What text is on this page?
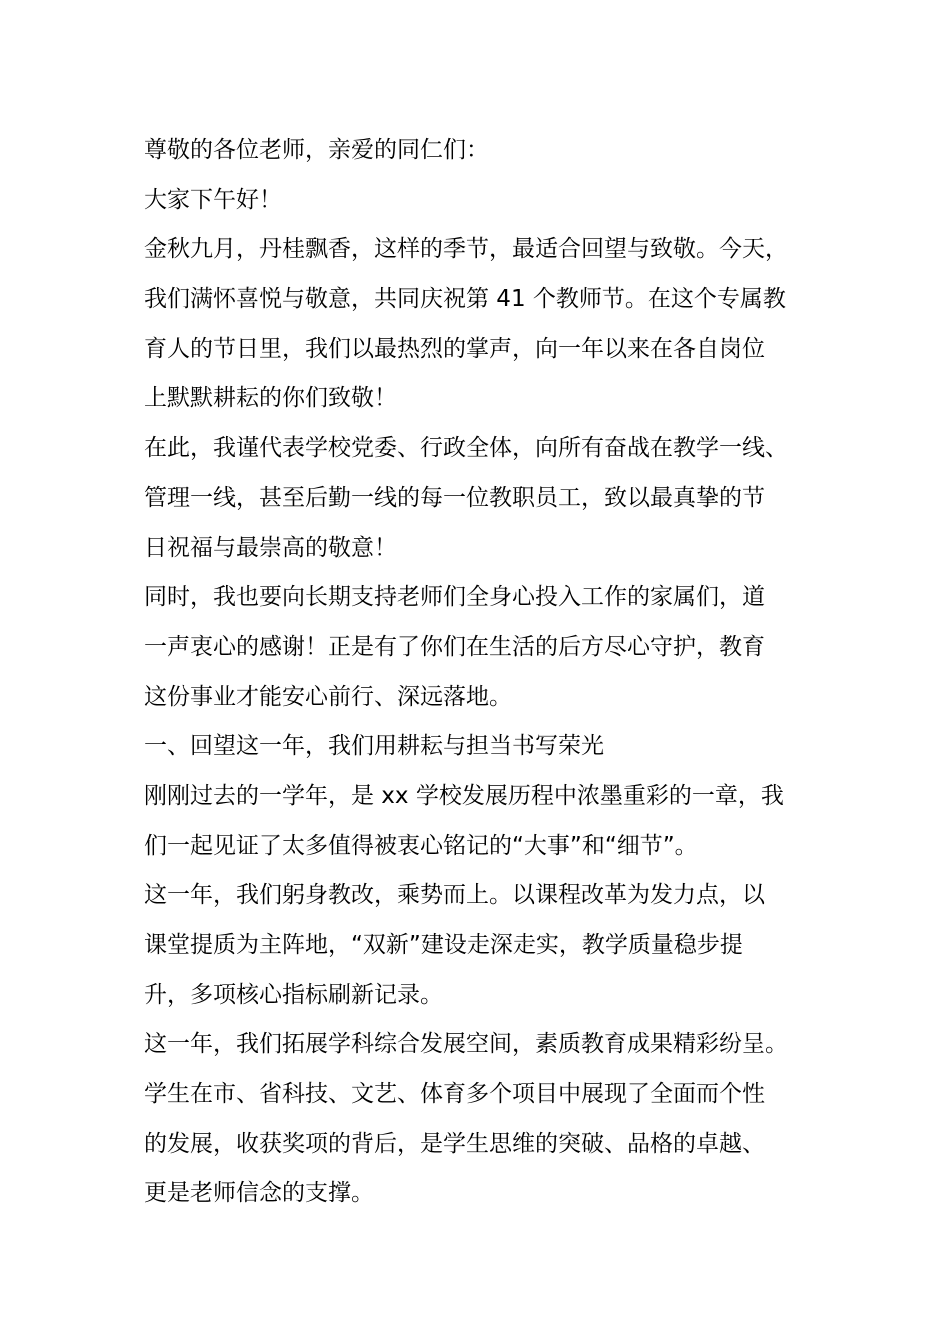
尊敬的各位老师，亲爱的同仁们：
大家下午好！
金秋九月，丹桂飘香，这样的季节，最适合回望与致敬。今天，
我们满怀喜悦与敬意，共同庆祝第 41 个教师节。在这个专属教
育人的节日里，我们以最热烈的掌声，向一年以来在各自岗位
上默默耕耘的你们致敬！
在此，我谨代表学校党委、行政全体，向所有奋战在教学一线、
管理一线，甚至后勤一线的每一位教职员工，致以最真挚的节
日祝福与最崇高的敬意！
同时，我也要向长期支持老师们全身心投入工作的家属们，道
一声衷心的感谢！正是有了你们在生活的后方尽心守护，教育
这份事业才能安心前行、深远落地。
一、回望这一年，我们用耕耘与担当书写荣光
刚刚过去的一学年，是 xx 学校发展历程中浓墨重彩的一章，我
们一起见证了太多值得被衷心铭记的“大事”和“细节”。
这一年，我们躬身教改，乘势而上。以课程改革为发力点，以
课堂提质为主阵地，“双新”建设走深走实，教学质量稳步提
升，多项核心指标刷新记录。
这一年，我们拓展学科综合发展空间，素质教育成果精彩纷呈。
学生在市、省科技、文艺、体育多个项目中展现了全面而个性
的发展，收获奖项的背后，是学生思维的突破、品格的卓越、
更是老师信念的支撑。
